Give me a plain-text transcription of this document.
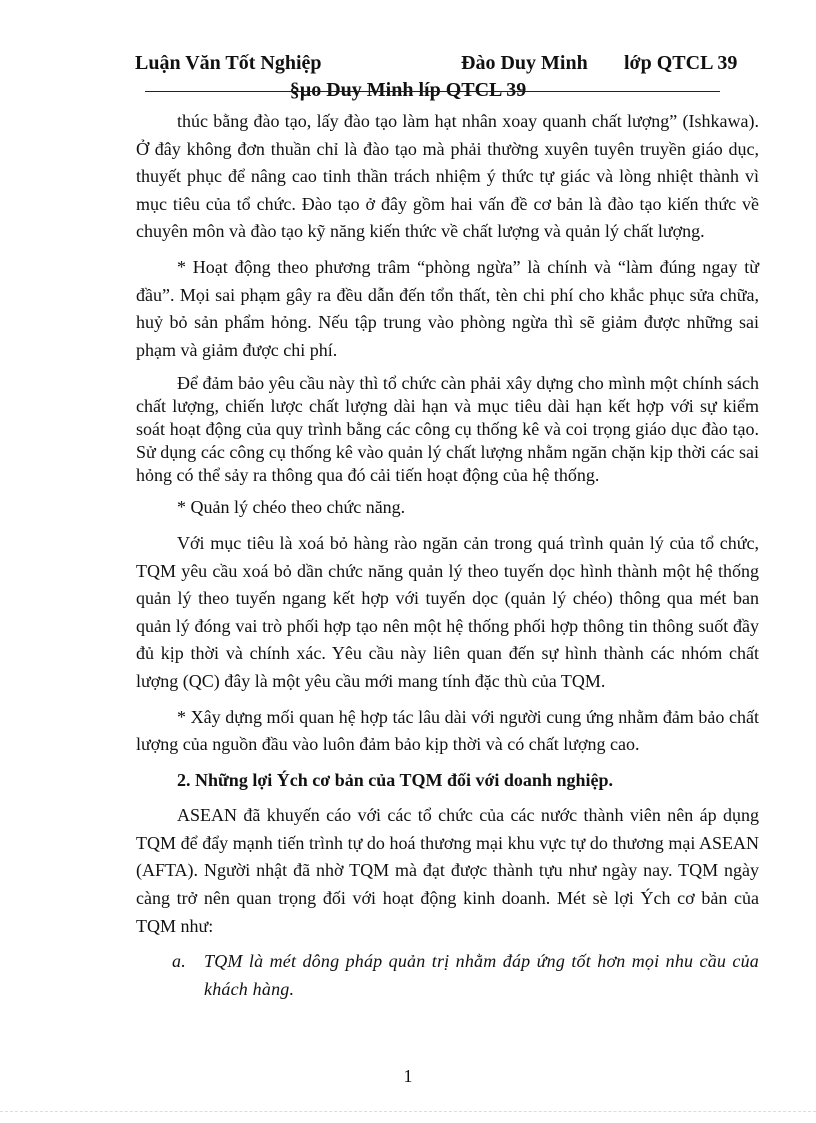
Luận Văn Tốt Nghiệp	Đào Duy Minh lớp QTCL 39
§µo Duy Minh líp QTCL 39

thúc bằng đào tạo, lấy đào tạo làm hạt nhân xoay quanh chất lượng” (Ishkawa). Ở đây không đơn thuần chỉ là đào tạo mà phải thường xuyên tuyên truyền giáo dục, thuyết phục để nâng cao tinh thần trách nhiệm ý thức tự giác và lòng nhiệt thành vì mục tiêu của tổ chức. Đào tạo ở đây gồm hai vấn đề cơ bản là đào tạo kiến thức về chuyên môn và đào tạo kỹ năng kiến thức về chất lượng và quản lý chất lượng.

* Hoạt động theo phương trâm “phòng ngừa” là chính và “làm đúng ngay từ đầu”. Mọi sai phạm gây ra đều dẫn đến tổn thất, tèn chi phí cho khắc phục sửa chữa, huỷ bỏ sản phẩm hỏng. Nếu tập trung vào phòng ngừa thì sẽ giảm được những sai phạm và giảm được chi phí.

Để đảm bảo yêu cầu này thì tổ chức càn phải xây dựng cho mình một chính sách chất lượng, chiến lược chất lượng dài hạn và mục tiêu dài hạn kết hợp với sự kiểm soát hoạt động của quy trình bằng các công cụ thống kê và coi trọng giáo dục đào tạo. Sử dụng các công cụ thống kê vào quản lý chất lượng nhằm ngăn chặn kịp thời các sai hỏng có thể sảy ra thông qua đó cải tiến hoạt động của hệ thống.

* Quản lý chéo theo chức năng.

Với mục tiêu là xoá bỏ hàng rào ngăn cản trong quá trình quản lý của tổ chức, TQM yêu cầu xoá bỏ dần chức năng quản lý theo tuyến dọc hình thành một hệ thống quản lý theo tuyến ngang kết hợp với tuyến dọc (quản lý chéo) thông qua mét ban quản lý đóng vai trò phối hợp tạo nên một hệ thống phối hợp thông tin thông suốt đầy đủ kịp thời và chính xác. Yêu cầu này liên quan đến sự hình thành các nhóm chất lượng (QC) đây là một yêu cầu mới mang tính đặc thù của TQM.

* Xây dựng mối quan hệ hợp tác lâu dài với người cung ứng nhằm đảm bảo chất lượng của nguồn đầu vào luôn đảm bảo kịp thời và có chất lượng cao.

2. Những lợi Ých cơ bản của TQM đối với doanh nghiệp.

ASEAN đã khuyến cáo với các tổ chức của các nước thành viên nên áp dụng TQM để đẩy mạnh tiến trình tự do hoá thương mại khu vực tự do thương mại ASEAN (AFTA). Người nhật đã nhờ TQM mà đạt được thành tựu như ngày nay. TQM ngày càng trở nên quan trọng đối với hoạt động kinh doanh. Mét sè lợi Ých cơ bản của TQM như:

a. TQM là mét dông pháp quản trị nhằm đáp ứng tốt hơn mọi nhu cầu của khách hàng.

1
